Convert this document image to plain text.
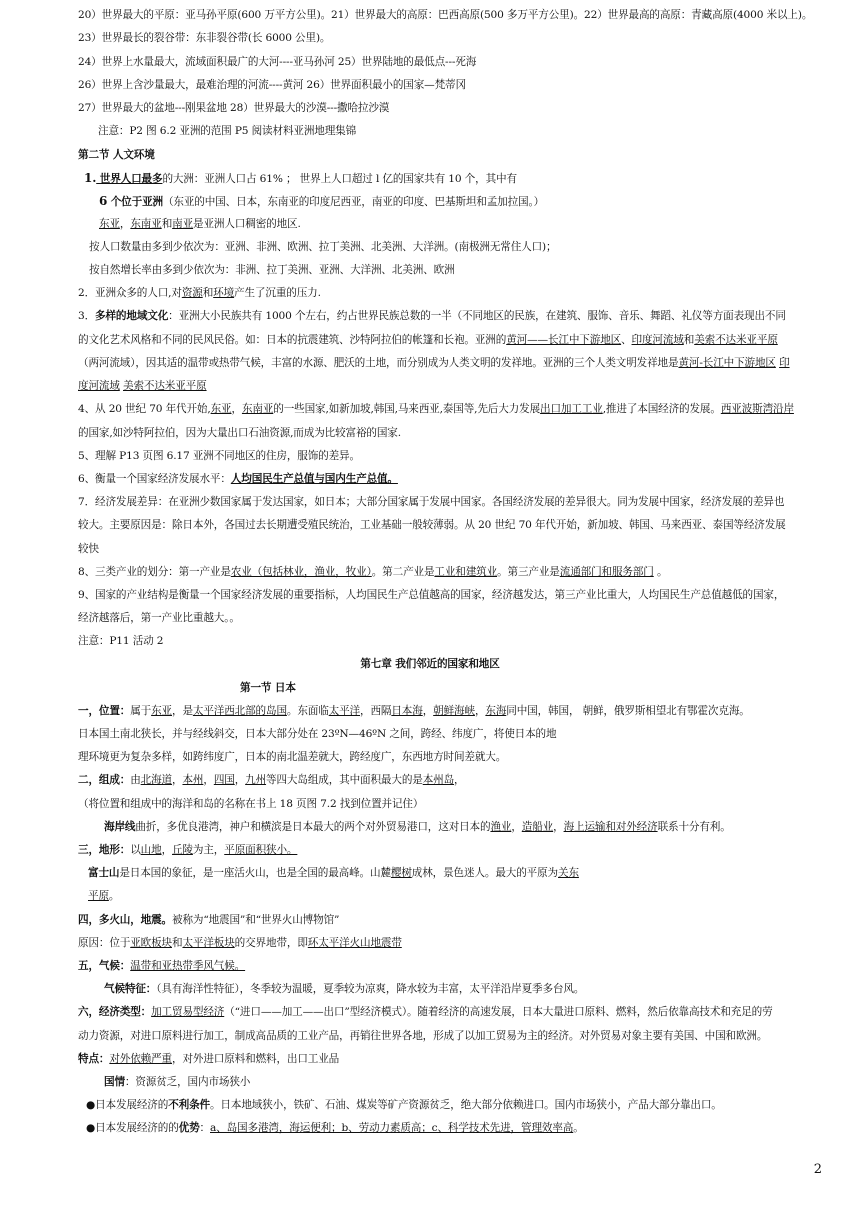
20）世界最大的平原：亚马孙平原(600 万平方公里)。21）世界最大的高原：巴西高原(500 多万平方公里)。22）世界最高的高原：青藏高原(4000 米以上)。
23）世界最长的裂谷带：东非裂谷带(长 6000 公里)。
24）世界上水量最大，流域面积最广的大河----亚马孙河 25）世界陆地的最低点---死海
26）世界上含沙量最大，最难治理的河流----黄河 26）世界面积最小的国家—梵蒂冈
27）世界最大的盆地---刚果盆地 28）世界最大的沙漠---撒哈拉沙漠
注意：P2 图 6.2 亚洲的范围 P5 阅读材料亚洲地理集锦
第二节 人文环境
1. 世界人口最多的大洲：亚洲人口占 61% ； 世界上人口超过 l 亿的国家共有 10 个，其中有
6 个位于亚洲（东亚的中国、日本，东南亚的印度尼西亚，南亚的印度、巴基斯坦和孟加拉国。）
东亚，东南亚和南亚是亚洲人口稠密的地区.
按人口数量由多到少依次为：亚洲、非洲、欧洲、拉丁美洲、北美洲、大洋洲。(南极洲无常住人口)；
按自然增长率由多到少依次为：非洲、拉丁美洲、亚洲、大洋洲、北美洲、欧洲
2．亚洲众多的人口,对资源和环境产生了沉重的压力.
3．多样的地域文化：亚洲大小民族共有 1000 个左右，约占世界民族总数的一半（不同地区的民族，在建筑、服饰、音乐、舞蹈、礼仪等方面表现出不同
的文化艺术风格和不同的民风民俗。如：日本的抗震建筑、沙特阿拉伯的帐篷和长袍。亚洲的黄河——长江中下游地区、印度河流域和美索不达米亚平原
（两河流域），因其适的温带或热带气候，丰富的水源、肥沃的土地，而分别成为人类文明的发祥地。亚洲的三个人类文明发祥地是黄河-长江中下游地区 印
度河流域 美索不达米亚平原
4、从 20 世纪 70 年代开始,东亚，东南亚的一些国家,如新加坡,韩国,马来西亚,泰国等,先后大力发展出口加工工业,推进了本国经济的发展。西亚波斯湾沿岸
的国家,如沙特阿拉伯，因为大量出口石油资源,而成为比较富裕的国家.
5、理解 P13 页图 6.17 亚洲不同地区的住房，服饰的差异。
6、衡量一个国家经济发展水平：人均国民生产总值与国内生产总值。
7．经济发展差异：在亚洲少数国家属于发达国家，如日本；大部分国家属于发展中国家。各国经济发展的差异很大。同为发展中国家，经济发展的差异也
较大。主要原因是：除日本外，各国过去长期遭受殖民统治，工业基础一般较薄弱。从 20 世纪 70 年代开始，新加坡、韩国、马来西亚、泰国等经济发展
较快
8、三类产业的划分：第一产业是农业（包括林业，渔业，牧业）。第二产业是工业和建筑业。第三产业是流通部门和服务部门 。
9、国家的产业结构是衡量一个国家经济发展的重要指标，人均国民生产总值越高的国家，经济越发达，第三产业比重大，人均国民生产总值越低的国家，
经济越落后，第一产业比重越大。。
注意：P11 活动 2
第七章 我们邻近的国家和地区
第一节 日本
一，位置：属于东亚，是太平洋西北部的岛国。东面临太平洋，西隔日本海，朝鲜海峡，东海同中国，韩国， 朝鲜，俄罗斯相望北有鄂霍次克海。
日本国土南北狭长，并与经线斜交，日本大部分处在 23ºN—46ºN 之间，跨经、纬度广，将使日本的地
理环境更为复杂多样，如跨纬度广，日本的南北温差就大，跨经度广，东西地方时间差就大。
二，组成：由北海道，本州，四国，九州等四大岛组成，其中面积最大的是本州岛，
（将位置和组成中的海洋和岛的名称在书上 18 页图 7.2 找到位置并记住）
海岸线曲折，多优良港湾，神户和横滨是日本最大的两个对外贸易港口，这对日本的渔业，造船业，海上运输和对外经济联系十分有利。
三，地形：以山地，丘陵为主，平原面积狭小。
富士山是日本国的象征，是一座活火山，也是全国的最高峰。山麓樱树成林，景色迷人。最大的平原为关东
平原。
四，多火山，地震。被称为“地震国”和“世界火山博物馆”
原因：位于亚欧板块和太平洋板块的交界地带，即环太平洋火山地震带
五，气候：温带和亚热带季风气候。
气候特征：（具有海洋性特征），冬季较为温暖，夏季较为凉爽，降水较为丰富，太平洋沿岸夏季多台风。
六，经济类型：加工贸易型经济（“进口——加工——出口”型经济模式）。随着经济的高速发展，日本大量进口原料、燃料，然后依靠高技术和充足的劳
动力资源，对进口原料进行加工，制成高品质的工业产品，再销往世界各地，形成了以加工贸易为主的经济。对外贸易对象主要有美国、中国和欧洲。
特点：对外依赖严重，对外进口原料和燃料，出口工业品
国情：资源贫乏，国内市场狭小
●日本发展经济的不利条件。日本地域狭小，铁矿、石油、煤炭等矿产资源贫乏，绝大部分依赖进口。国内市场狭小，产品大部分靠出口。
●日本发展经济的的优势：a、岛国多港湾，海运便利；b、劳动力素质高；c、科学技术先进，管理效率高。
2
